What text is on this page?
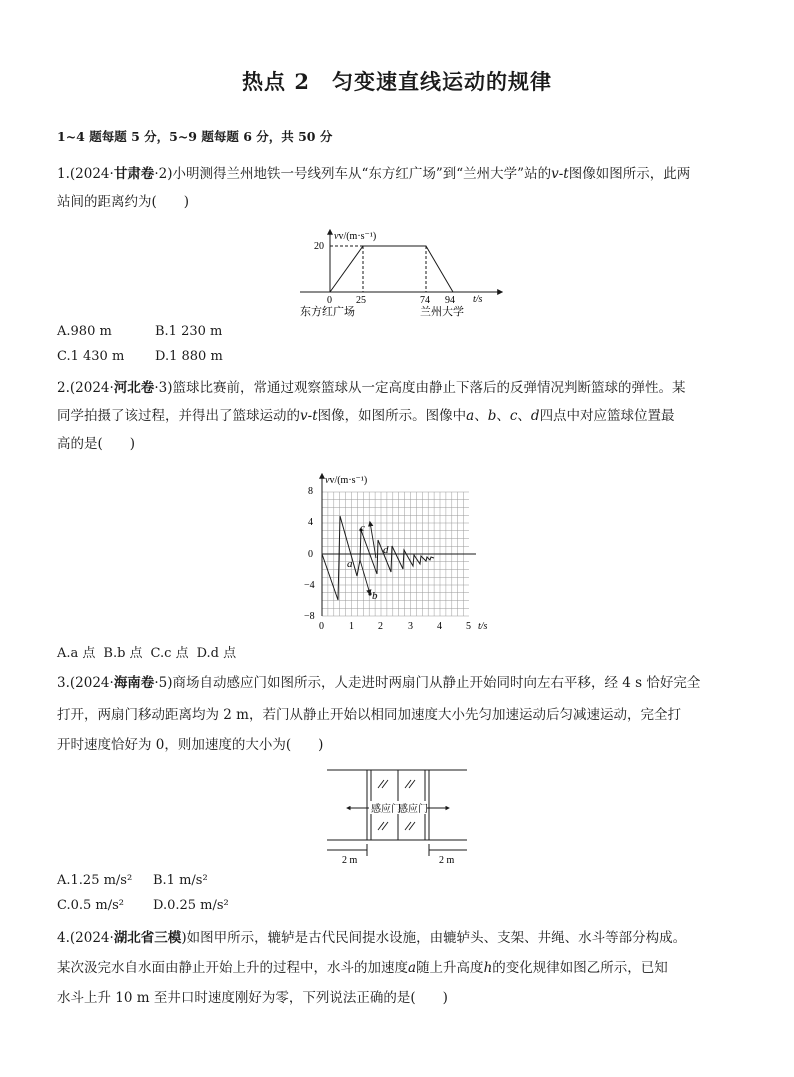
热点 2 匀变速直线运动的规律
1~4 题每题 5 分，5~9 题每题 6 分，共 50 分
1.(2024·甘肃卷·2)小明测得兰州地铁一号线列车从“东方红广场”到“兰州大学”站的v-t图像如图所示，此两
站间的距离约为(　　)
vv/(m·s⁻¹)
t/s
20
0 25	74 94
东方红广场	兰州大学
A.980 m	B.1 230 m
C.1 430 m D.1 880 m
2.(2024·河北卷·3)篮球比赛前，常通过观察篮球从一定高度由静止下落后的反弹情况判断篮球的弹性。某
同学拍摄了该过程，并得出了篮球运动的v-t图像，如图所示。图像中a、b、c、d四点中对应篮球位置最
高的是(　　)
vv/(m·s⁻¹)
8
4
0
−4
−8
0	1 2	3 4 5 t/s
a
b
c
d
A.a 点 B.b 点 C.c 点 D.d 点
3.(2024·海南卷·5)商场自动感应门如图所示，人走进时两扇门从静止开始同时向左右平移，经 4 s 恰好完全
打开，两扇门移动距离均为 2 m，若门从静止开始以相同加速度大小先匀加速运动后匀减速运动，完全打
开时速度恰好为 0，则加速度的大小为(　　)
感应门
感应门
2 m	2 m
A.1.25 m/s² B.1 m/s²
C.0.5 m/s² D.0.25 m/s²
4.(2024·湖北省三模)如图甲所示，辘轳是古代民间提水设施，由辘轳头、支架、井绳、水斗等部分构成。
某次汲完水自水面由静止开始上升的过程中，水斗的加速度a随上升高度h的变化规律如图乙所示，已知
水斗上升 10 m 至井口时速度刚好为零，下列说法正确的是(　　)
